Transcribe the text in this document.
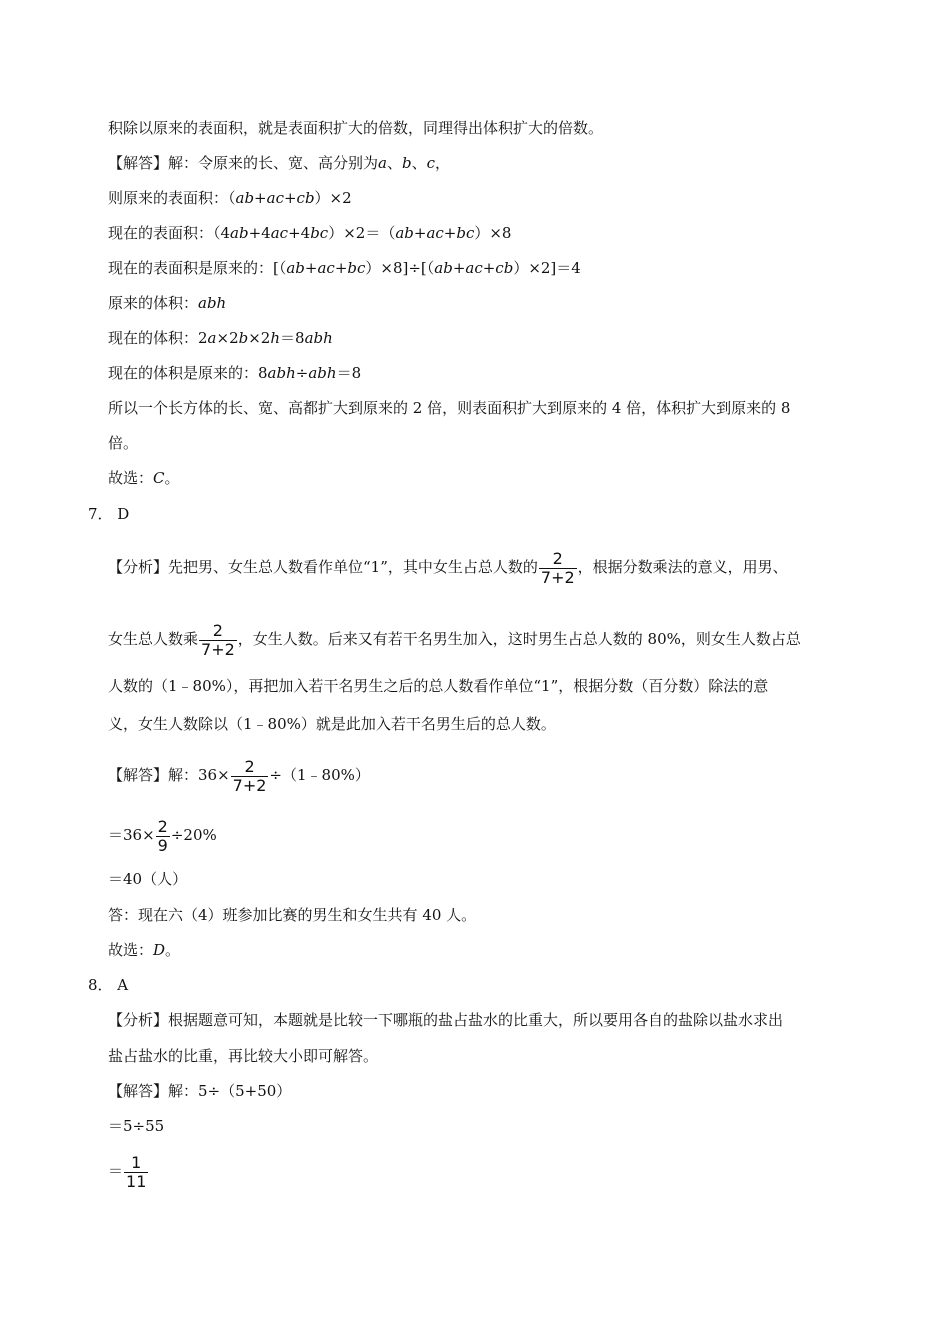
积除以原来的表面积，就是表面积扩大的倍数，同理得出体积扩大的倍数。
【解答】解：令原来的长、宽、高分别为a、b、c，
则原来的表面积：（ab+ac+cb）×2
现在的表面积：（4ab+4ac+4bc）×2＝（ab+ac+bc）×8
现在的表面积是原来的：[（ab+ac+bc）×8]÷[（ab+ac+cb）×2]＝4
原来的体积：abh
现在的体积：2a×2b×2h＝8abh
现在的体积是原来的：8abh÷abh＝8
所以一个长方体的长、宽、高都扩大到原来的 2 倍，则表面积扩大到原来的 4 倍，体积扩大到原来的 8
倍。
故选：C。
7． D
【分析】先把男、女生总人数看作单位“1”，其中女生占总人数的 $\frac{2}{7+2}$ ，根据分数乘法的意义，用男、
女生总人数乘 $\frac{2}{7+2}$ ，女生人数。后来又有若干名男生加入，这时男生占总人数的 80%，则女生人数占总
人数的（1﹣80%），再把加入若干名男生之后的总人数看作单位“1”，根据分数（百分数）除法的意
义，女生人数除以（1﹣80%）就是此加入若干名男生后的总人数。
【解答】解：$36\times \frac{2}{7+2}$ ÷（1﹣80%）
$=36\times \frac{2}{9} \div 20\%$
＝40（人）
答：现在六（4）班参加比赛的男生和女生共有 40 人。
故选：D。
8． A
【分析】根据题意可知，本题就是比较一下哪瓶的盐占盐水的比重大，所以要用各自的盐除以盐水求出
盐占盐水的比重，再比较大小即可解答。
【解答】解：5÷（5+50）
＝5÷55
＝ $\frac{1}{11}$
